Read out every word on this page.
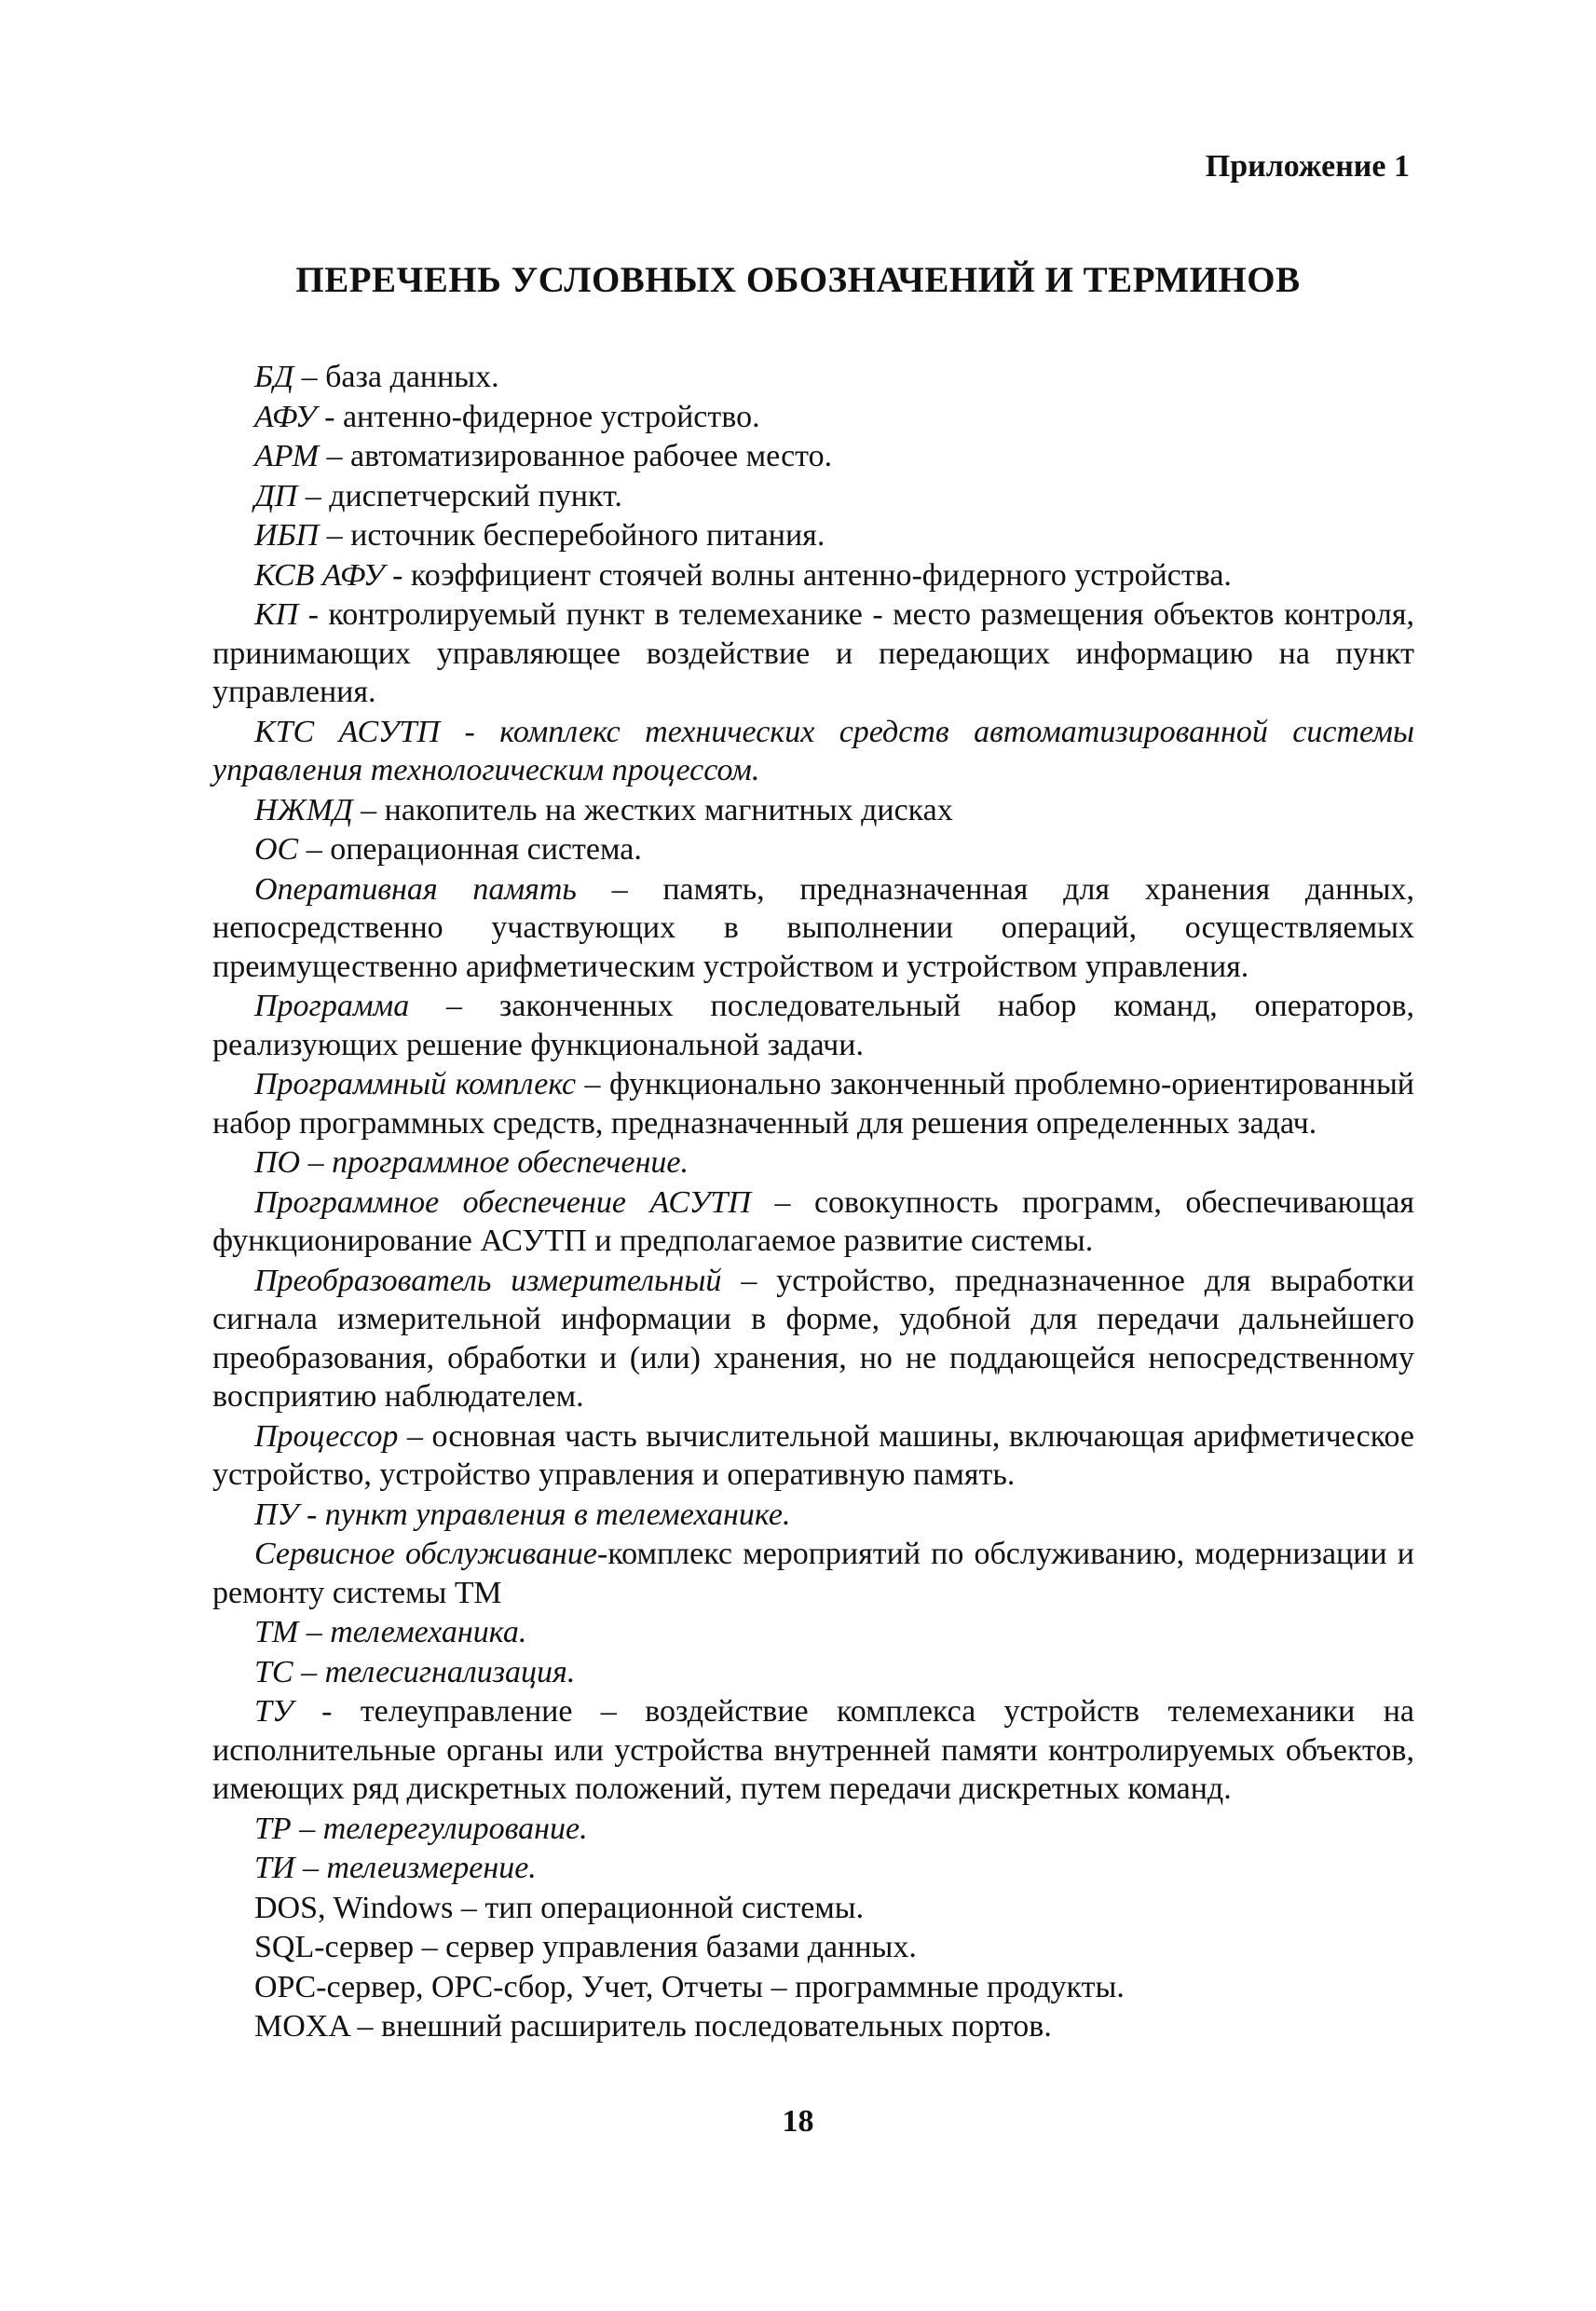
Приложение 1
ПЕРЕЧЕНЬ УСЛОВНЫХ ОБОЗНАЧЕНИЙ И ТЕРМИНОВ

БД – база данных.

АФУ - антенно-фидерное устройство.

АРМ – автоматизированное рабочее место.

ДП – диспетчерский пункт.

ИБП – источник бесперебойного питания.

КСВ АФУ - коэффициент стоячей волны антенно-фидерного устройства.

КП - контролируемый пункт в телемеханике - место размещения объектов контроля, принимающих управляющее воздействие и передающих информацию на пункт управления.

КТС АСУТП - комплекс технических средств автоматизированной системы управления технологическим процессом.

НЖМД – накопитель на жестких магнитных дисках

ОС – операционная система.

Оперативная память – память, предназначенная для хранения данных, непосредственно участвующих в выполнении операций, осуществляемых преимущественно арифметическим устройством и устройством управления.

Программа – законченных последовательный набор команд, операторов, реализующих решение функциональной задачи.

Программный комплекс – функционально законченный проблемно-ориентированный набор программных средств, предназначенный для решения определенных задач.

ПО – программное обеспечение.

Программное обеспечение АСУТП – совокупность программ, обеспечивающая функционирование АСУТП и предполагаемое развитие системы.

Преобразователь измерительный – устройство, предназначенное для выработки сигнала измерительной информации в форме, удобной для передачи дальнейшего преобразования, обработки и (или) хранения, но не поддающейся непосредственному восприятию наблюдателем.

Процессор – основная часть вычислительной машины, включающая арифметическое устройство, устройство управления и оперативную память.

ПУ - пункт управления в телемеханике.

Сервисное обслуживание-комплекс мероприятий по обслуживанию, модернизации и ремонту системы ТМ

ТМ – телемеханика.

ТС – телесигнализация.

ТУ - телеуправление – воздействие комплекса устройств телемеханики на исполнительные органы или устройства внутренней памяти контролируемых объектов, имеющих ряд дискретных положений, путем передачи дискретных команд.

ТР – телерегулирование.

ТИ – телеизмерение.

DOS, Windows – тип операционной системы.

SQL-сервер – сервер управления базами данных.

OPC-сервер, OPC-сбор, Учет, Отчеты – программные продукты.

MOXA – внешний расширитель последовательных портов.

18
